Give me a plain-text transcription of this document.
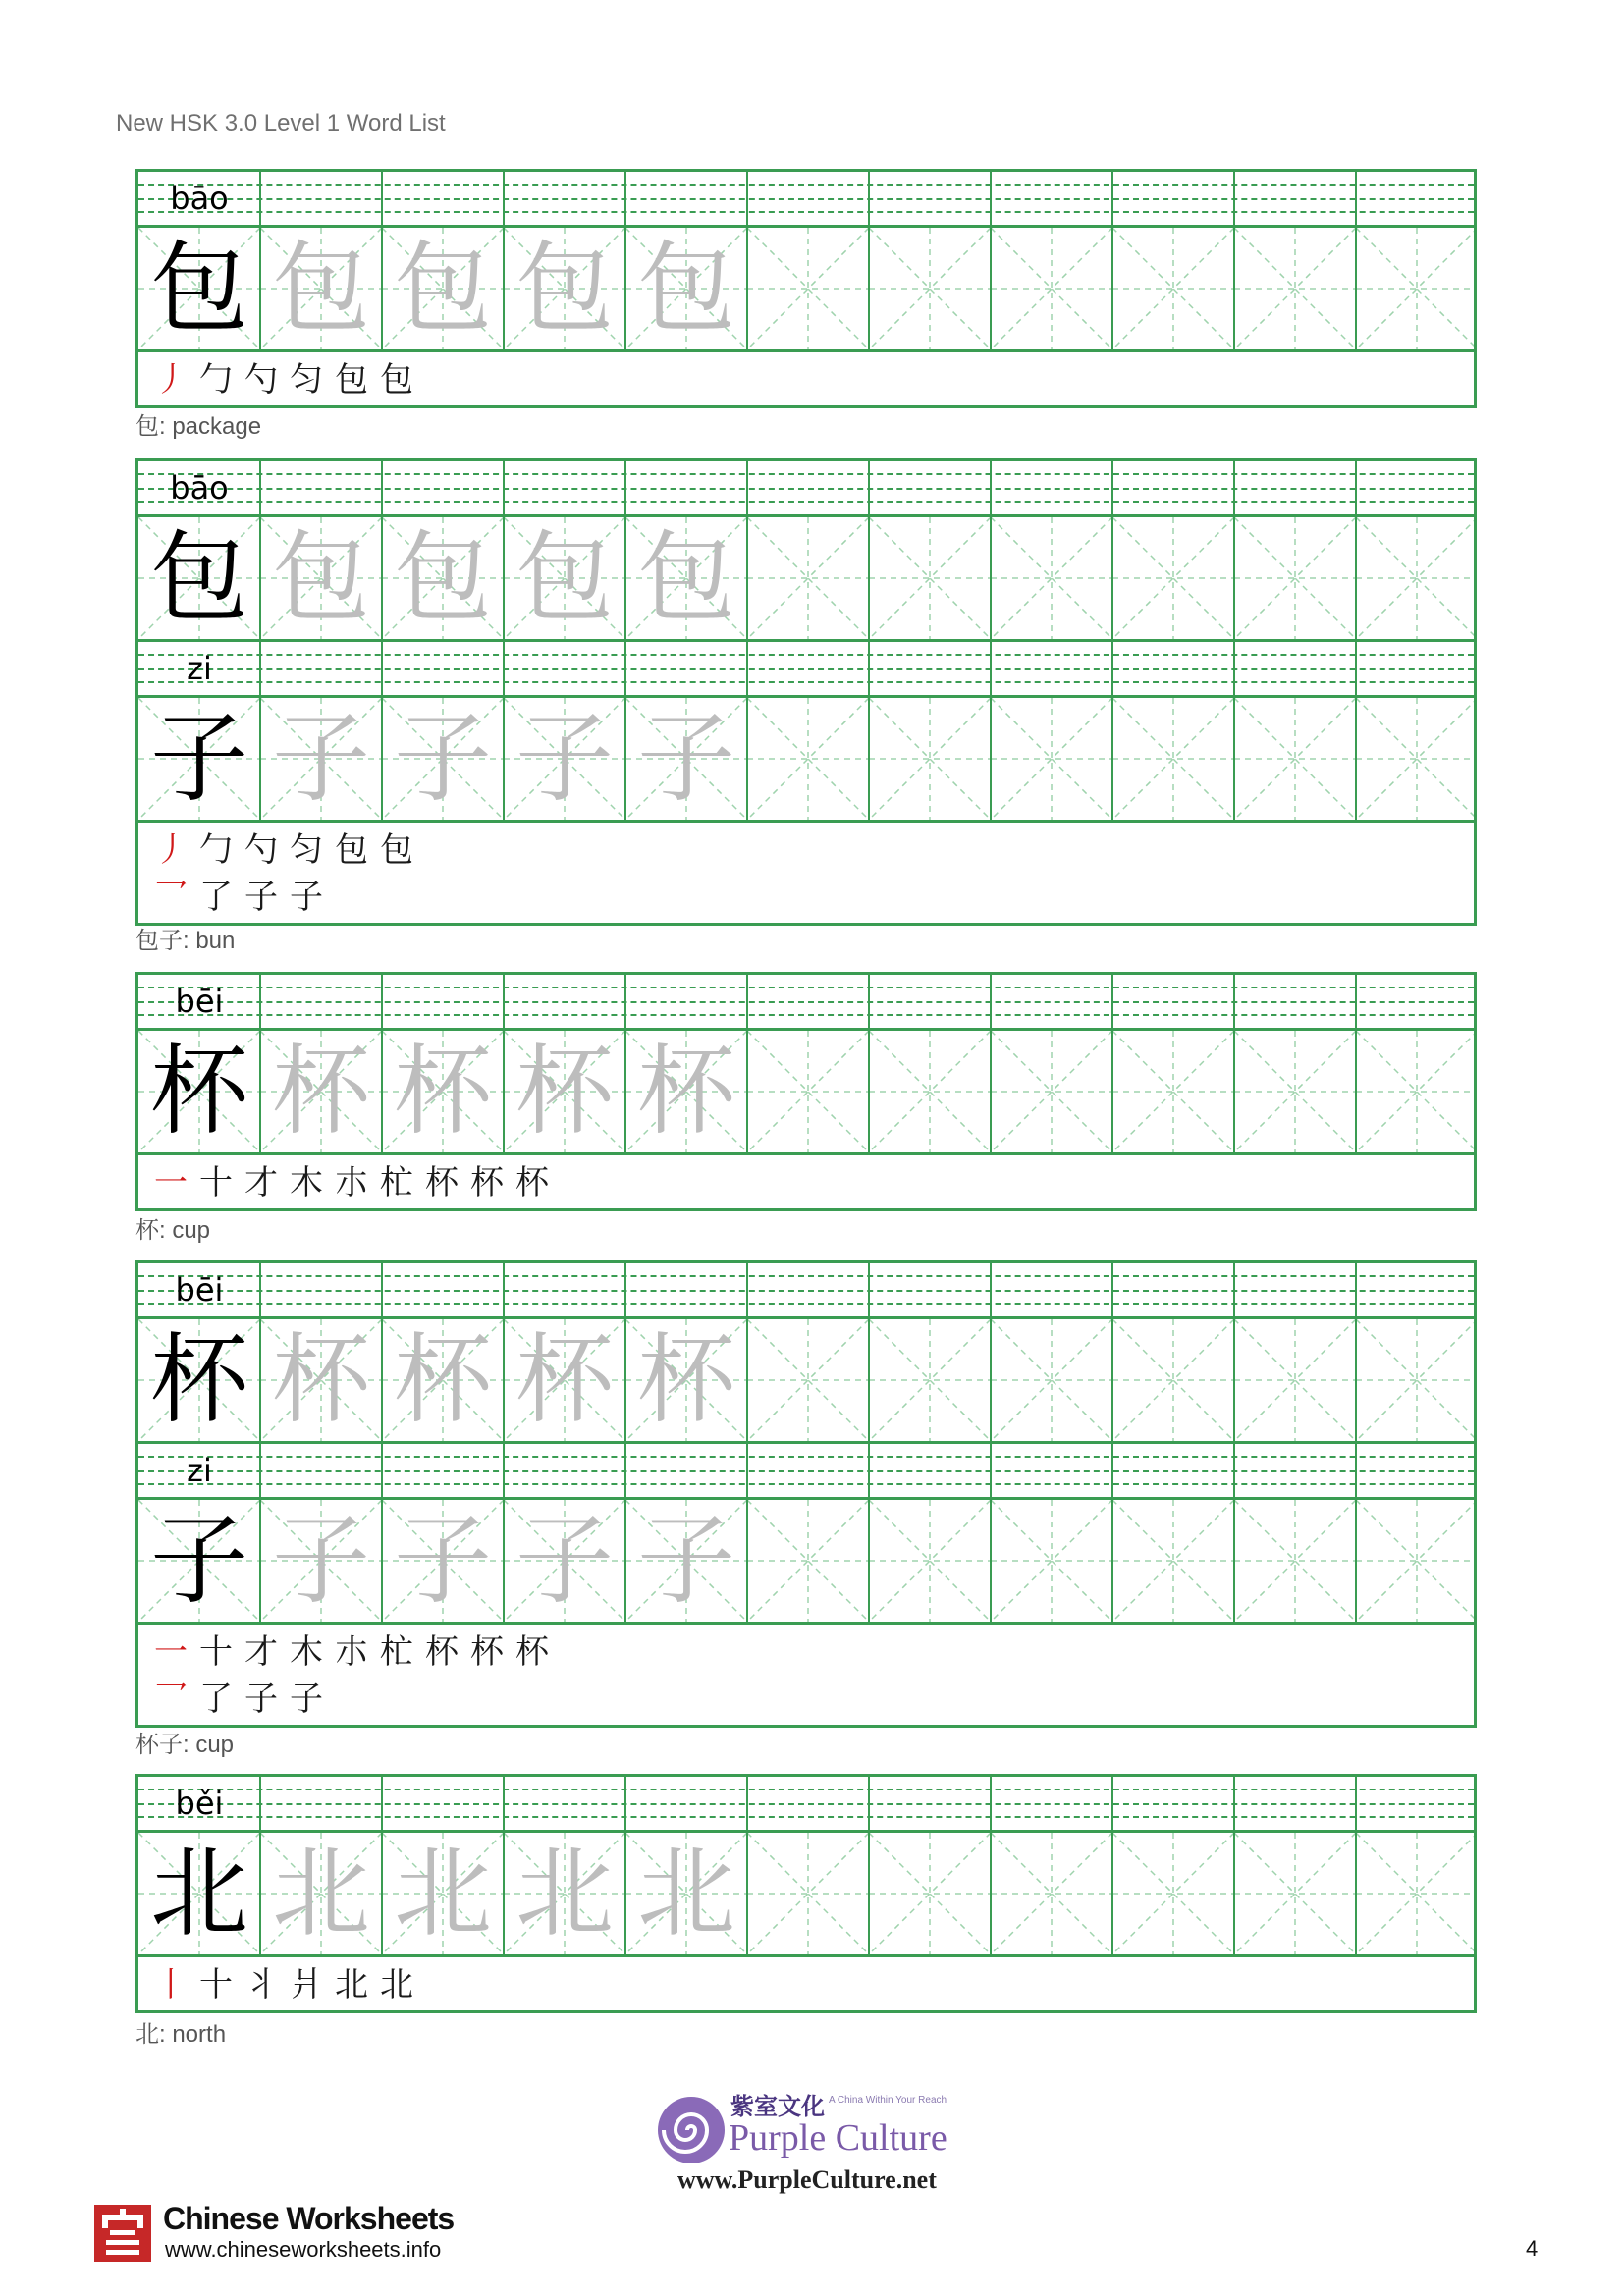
New HSK 3.0 Level 1 Word List
bāo
包 包 包 包 包
丿 勹 勺 匀 包 包
包: package
bāo
包 包 包 包 包
zi
子 子 子 子 子
丿 勹 勺 匀 包 包
乛 了 子 子
包子: bun
bēi
杯 杯 杯 杯 杯
一 十 才 木 朩 杧 杯 杯 杯
杯: cup
bēi
杯 杯 杯 杯 杯
zi
子 子 子 子 子
一 十 才 木 朩 杧 杯 杯 杯
乛 了 子 子
杯子: cup
běi
北 北 北 北 北
丨 十 丬 爿 北 北
北: north
紫室文化 A China Within Your Reach
Purple Culture
www.PurpleCulture.net
Chinese Worksheets
www.chineseworksheets.info	4
